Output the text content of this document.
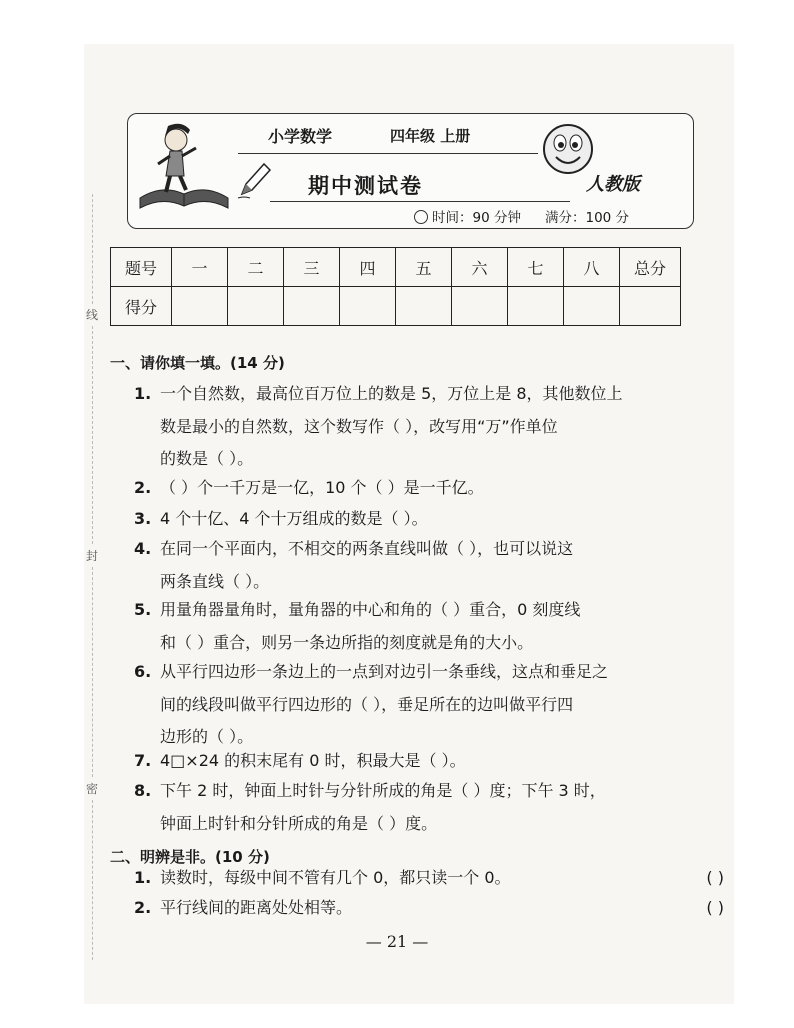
线
封
密
小学数学	四年级 上册
期中测试卷	人教版
时间：90 分钟 满分：100 分
题号	一	二	三	四	五	六	七	八	总分
得分									
一、请你填一填。(14 分)
1. 一个自然数，最高位百万位上的数是 5，万位上是 8，其他数位上
数是最小的自然数，这个数写作（ ），改写用“万”作单位
的数是（ ）。
2. （ ）个一千万是一亿，10 个（ ）是一千亿。
3. 4 个十亿、4 个十万组成的数是（ ）。
4. 在同一个平面内，不相交的两条直线叫做（ ），也可以说这
两条直线（ ）。
5. 用量角器量角时，量角器的中心和角的（ ）重合，0 刻度线
和（ ）重合，则另一条边所指的刻度就是角的大小。
6. 从平行四边形一条边上的一点到对边引一条垂线，这点和垂足之
间的线段叫做平行四边形的（ ），垂足所在的边叫做平行四
边形的（ ）。
7. 4□×24 的积末尾有 0 时，积最大是（ ）。
8. 下午 2 时，钟面上时针与分针所成的角是（ ）度；下午 3 时，
钟面上时针和分针所成的角是（ ）度。
二、明辨是非。(10 分)
1. 读数时，每级中间不管有几个 0，都只读一个 0。	( )
2. 平行线间的距离处处相等。	( )
— 21 —
